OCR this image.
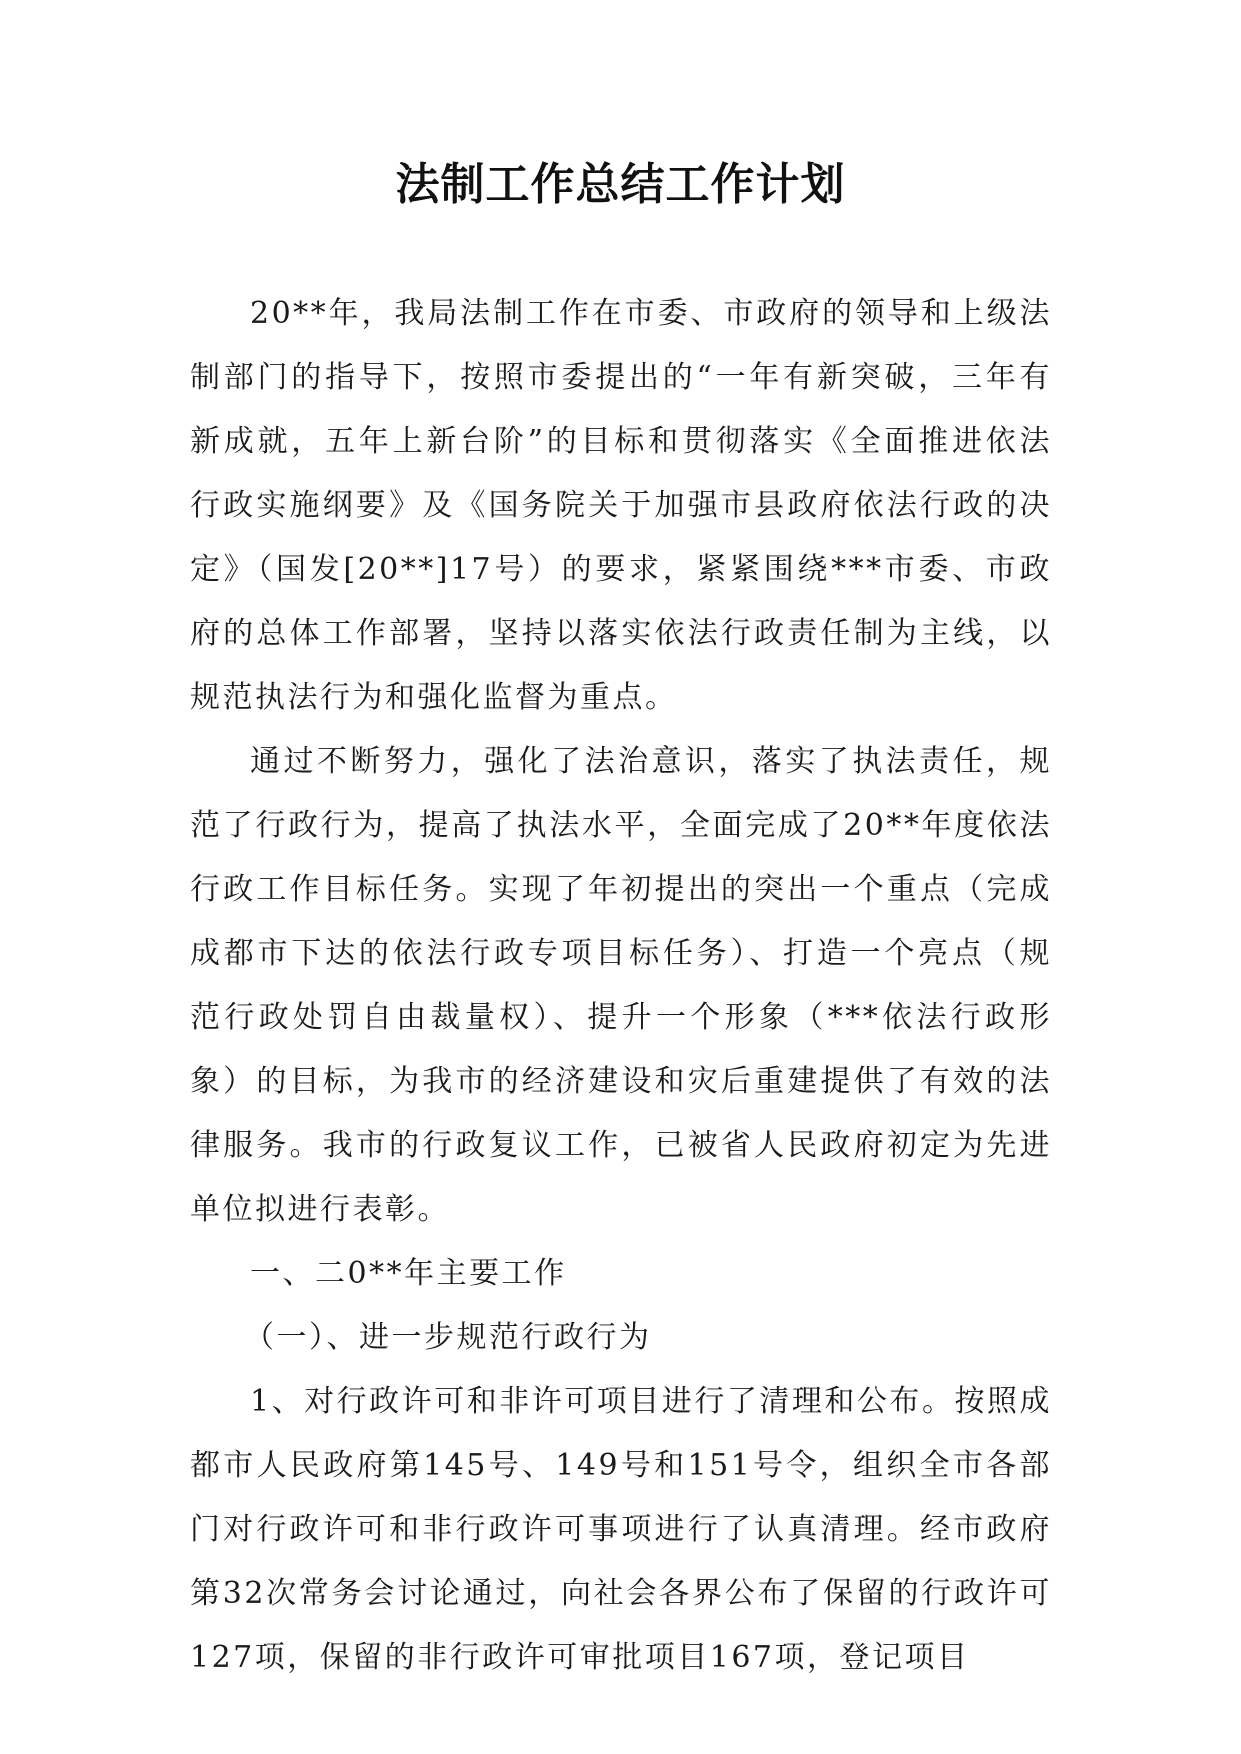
法制工作总结工作计划

20**年，我局法制工作在市委、市政府的领导和上级法制部门的指导下，按照市委提出的“一年有新突破，三年有新成就，五年上新台阶”的目标和贯彻落实《全面推进依法行政实施纲要》及《国务院关于加强市县政府依法行政的决定》（国发[20**]17号）的要求，紧紧围绕***市委、市政府的总体工作部署，坚持以落实依法行政责任制为主线，以规范执法行为和强化监督为重点。

通过不断努力，强化了法治意识，落实了执法责任，规范了行政行为，提高了执法水平，全面完成了20**年度依法行政工作目标任务。实现了年初提出的突出一个重点（完成成都市下达的依法行政专项目标任务）、打造一个亮点（规范行政处罚自由裁量权）、提升一个形象（***依法行政形象）的目标，为我市的经济建设和灾后重建提供了有效的法律服务。我市的行政复议工作，已被省人民政府初定为先进单位拟进行表彰。

一、二0**年主要工作

（一）、进一步规范行政行为

1、对行政许可和非许可项目进行了清理和公布。按照成都市人民政府第145号、149号和151号令，组织全市各部门对行政许可和非行政许可事项进行了认真清理。经市政府第32次常务会讨论通过，向社会各界公布了保留的行政许可127项，保留的非行政许可审批项目167项，登记项目
